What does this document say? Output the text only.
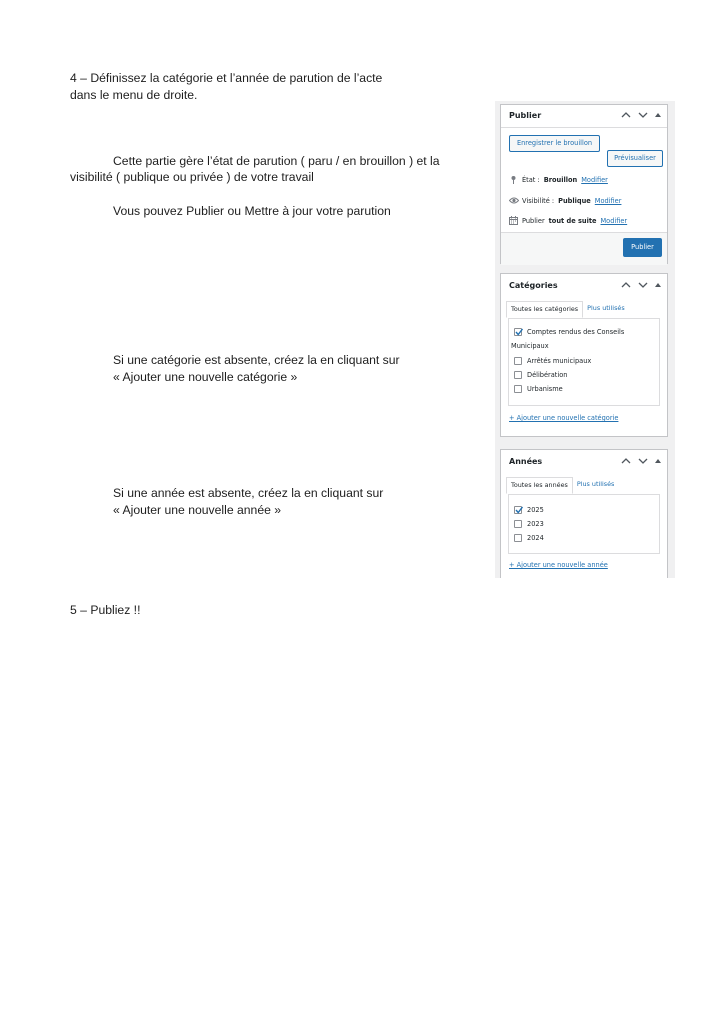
4 – Définissez la catégorie et l’année de parution de l’acte
dans le menu de droite.
Cette partie gère l’état de parution ( paru / en brouillon ) et la
visibilité ( publique ou privée ) de votre travail
Vous pouvez Publier ou Mettre à jour votre parution
Si une catégorie est absente, créez la en cliquant sur
« Ajouter une nouvelle catégorie »
Si une année est absente, créez la en cliquant sur
« Ajouter une nouvelle année »
5 – Publiez !!
Publier
Enregistrer le brouillon
Prévisualiser
État : Brouillon Modifier
Visibilité : Publique Modifier
Publier tout de suite Modifier
Publier
Catégories
Toutes les catégories	Plus utilisés
Comptes rendus des Conseils
Municipaux
Arrêtés municipaux
Délibération
Urbanisme
+ Ajouter une nouvelle catégorie
Années
Toutes les années	Plus utilisés
2025
2023
2024
+ Ajouter une nouvelle année
